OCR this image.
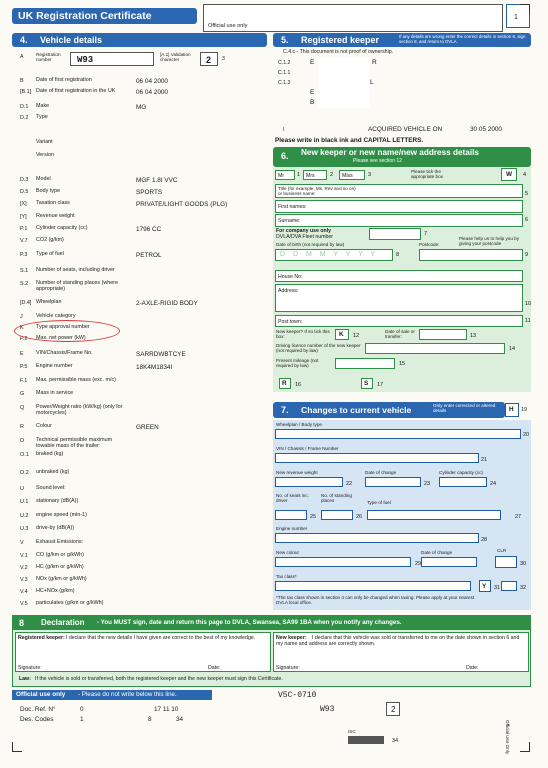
UK Registration Certificate
Official use only
1
4. Vehicle details
A	Registration number	W93
[A.1] Validation character	2 3
B Date of first registration	06 04 2000
[B.1] Date of first registration in the UK	06 04 2000
D.1 Make	MG
D.2 Type
Variant
Version
D.3 Model	MGF 1.8I VVC
D.5 Body type	SPORTS
[X] Taxation class	PRIVATE/LIGHT GOODS (PLG)
[Y] Revenue weight
P.1 Cylinder capacity (cc)	1796 CC
V.7 CO2 (g/km)
P.3 Type of fuel	PETROL
S.1 Number of seats, including driver
S.2 Number of standing places (where appropriate)
[D.4] Wheelplan	2-AXLE-RIGID BODY
J Vehicle category
K Type approval number
P.2 Max. net power (kW)
E VIN/Chassis/Frame No.	SARRDWBTCYE
P.5 Engine number	18K4M1834I
F.1 Max. permissible mass (exc. m/c)
G Mass in service
Q Power/Weight ratio (kW/kg) (only for motorcycles)
R Colour	GREEN
O Technical permissible maximum towable mass of the trailer:
O.1 braked (kg)
O.2 unbraked (kg)
U Sound level:
U.1 stationary (dB(A))
U.2 engine speed (min-1)
U.3 drive-by (dB(A))
V Exhaust Emissions:
V.1 CO (g/km or g/kWh)
V.2 HC (g/km or g/kWh)
V.3 NOx (g/km or g/kWh)
V.4 HC+NOx (g/km)
V.5 particulates (g/km or g/kWh)
5. Registered keeper	If any details are wrong enter the correct details in section 6, sign section 8, and return to DVLA.
C.4.c - This document is not proof of ownership.
C.1.2	E	R
C.1.1
C.1.3	L
E
B
I	ACQUIRED VEHICLE ON	30 05 2000
Please write in black ink and CAPITAL LETTERS.
6. New keeper or new name/new address details
Please see section 12
Mr 1 Mrs	2 Miss	3
Please tick the appropriate box	W 4
Title (for example, Ms, Rev and so on) or business name:	5
First names:
Surname:	6
For company use only
DVLA/DVA Fleet number	7
Date of birth (not required by law)	Postcode:
D D M M Y Y Y Y	8
Please help us to help you by giving your postcode
9
House No:
Address:
10
Post town:	11
New keeper? If so tick this box:	K 12
Date of sale or transfer:	13
Driving licence number of the new keeper (not required by law)	14
Present mileage (not required by law)	15
R 16	S 17
7. Changes to current vehicle	Only enter corrected or altered details	H 19
Wheelplan / Body type
20
VIN / Chassis / Frame Number
21
New revenue weight	Date of change	Cylinder capacity (cc)
22	23	24
No. of seats inc. driver
No. of standing places	Type of fuel
25	26	27
Engine number
28
New colour	Date of change	CLR
29	30
Tax class*
Y 31	32
*The tax class shown in section 4 can only be changed when taxing. Please apply at your nearest DVLA local office.
8 Declaration - You MUST sign, date and return this page to DVLA, Swansea, SA99 1BA when you notify any changes.
Registered keeper: I declare that the new details I have given are correct to the best of my knowledge.
Signature:	Date:
New keeper:	I declare that this vehicle was sold or transferred to me on the date shown in section 6 and my name and address are correctly shown.
Signature:	Date:
Law: If the vehicle is sold or transferred, both the registered keeper and the new keeper must sign this Certificate.
Official use only - Please do not write below this line.	V5C-0710
Doc. Ref. N°	0	17 11 10	W93	2
Des. Codes	1	8	34
ISC
34	Official Use Only
